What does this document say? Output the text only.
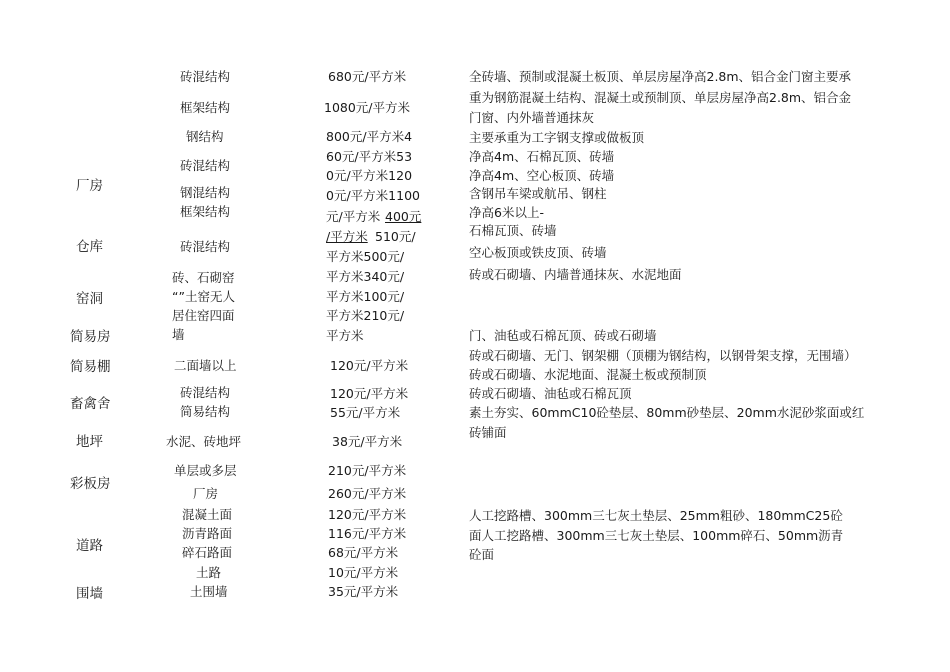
厂房
仓库
窑洞
简易房
简易棚
畜禽舍
地坪
彩板房
道路
围墙
砖混结构
框架结构
钢结构
砖混结构
钢混结构
框架结构
砖混结构
砖、石砌窑
“”土窑无人
居住窑四面
墙
二面墙以上
砖混结构
简易结构
水泥、砖地坪
单层或多层
厂房
混凝土面
沥青路面
碎石路面
土路
土围墙
680元/平方米
1080元/平方米
800元/平方米4
60元/平方米53
0元/平方米120
0元/平方米1100
元/平方米 400元
/平方米 510元/
平方米500元/
平方米340元/
平方米100元/
平方米210元/
平方米
120元/平方米
120元/平方米
55元/平方米
38元/平方米
210元/平方米
260元/平方米
120元/平方米
116元/平方米
68元/平方米
10元/平方米
35元/平方米
全砖墙、预制或混凝土板顶、单层房屋净高2.8m、铝合金门窗主要承
重为钢筋混凝土结构、混凝土或预制顶、单层房屋净高2.8m、铝合金
门窗、内外墙普通抹灰
主要承重为工字钢支撑或做板顶
净高4m、石棉瓦顶、砖墙
净高4m、空心板顶、砖墙
含钢吊车梁或航吊、钢柱
净高6米以上-
石棉瓦顶、砖墙
空心板顶或铁皮顶、砖墙
砖或石砌墙、内墙普通抹灰、水泥地面
门、油毡或石棉瓦顶、砖或石砌墙
砖或石砌墙、无门、钢架棚（顶棚为钢结构，以钢骨架支撑，无围墙）
砖或石砌墙、水泥地面、混凝土板或预制顶
砖或石砌墙、油毡或石棉瓦顶
素土夯实、60mmC10砼垫层、80mm砂垫层、20mm水泥砂浆面或红
砖铺面
人工挖路槽、300mm三七灰土垫层、25mm粗砂、180mmC25砼
面人工挖路槽、300mm三七灰土垫层、100mm碎石、50mm沥青
砼面
